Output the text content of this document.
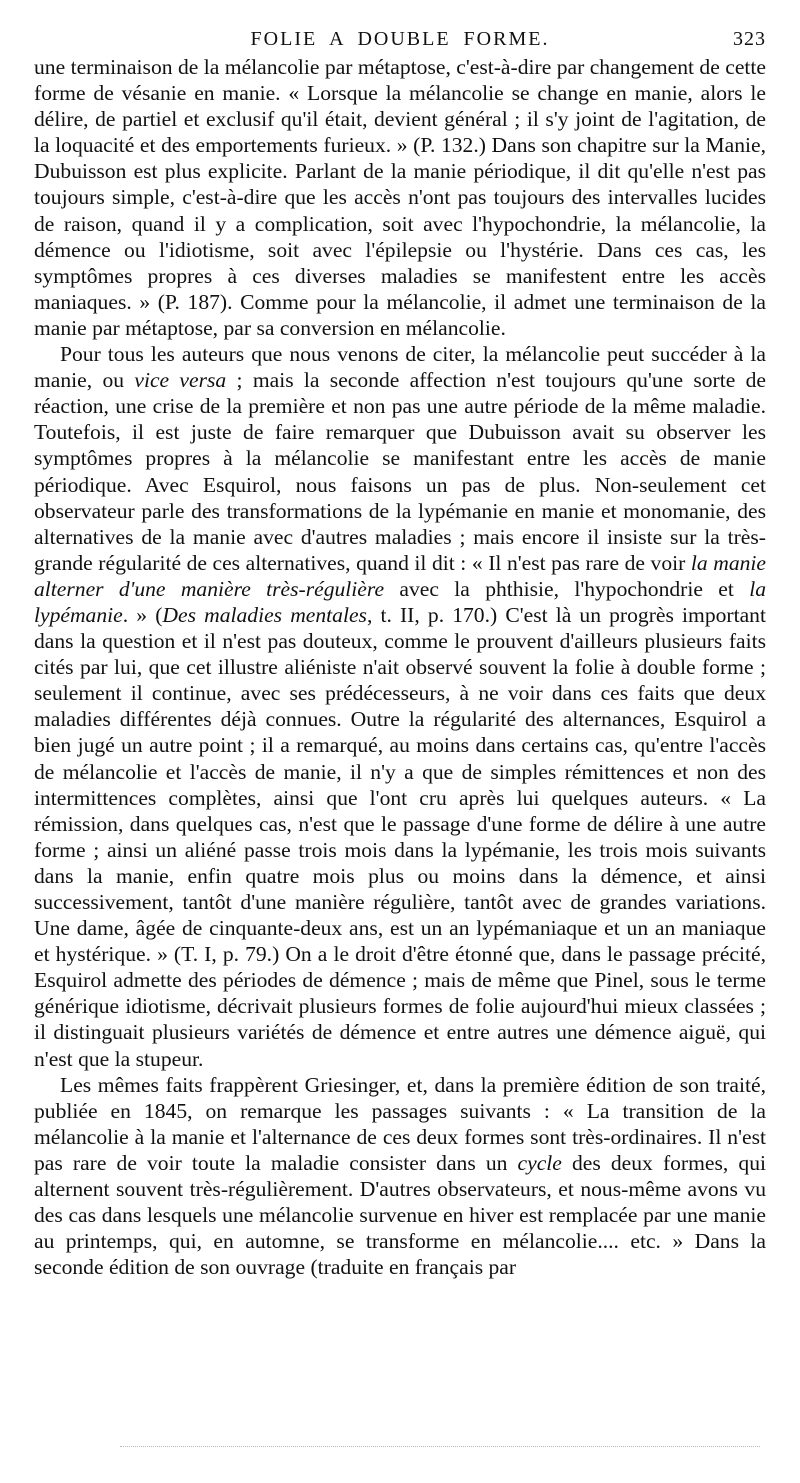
FOLIE A DOUBLE FORME.	323

une terminaison de la mélancolie par métaptose, c'est-à-dire par changement de cette forme de vésanie en manie. « Lorsque la mélancolie se change en manie, alors le délire, de partiel et exclusif qu'il était, devient général ; il s'y joint de l'agitation, de la loquacité et des emportements furieux. » (P. 132.) Dans son chapitre sur la Manie, Dubuisson est plus explicite. Parlant de la manie périodique, il dit qu'elle n'est pas toujours simple, c'est-à-dire que les accès n'ont pas toujours des intervalles lucides de raison, quand il y a complication, soit avec l'hypochondrie, la mélancolie, la démence ou l'idiotisme, soit avec l'épilepsie ou l'hystérie. Dans ces cas, les symptômes propres à ces diverses maladies se manifestent entre les accès maniaques. » (P. 187). Comme pour la mélancolie, il admet une terminaison de la manie par métaptose, par sa conversion en mélancolie.

Pour tous les auteurs que nous venons de citer, la mélancolie peut succéder à la manie, ou vice versa ; mais la seconde affection n'est toujours qu'une sorte de réaction, une crise de la première et non pas une autre période de la même maladie. Toutefois, il est juste de faire remarquer que Dubuisson avait su observer les symptômes propres à la mélancolie se manifestant entre les accès de manie périodique. Avec Esquirol, nous faisons un pas de plus. Non-seulement cet observateur parle des transformations de la lypémanie en manie et monomanie, des alternatives de la manie avec d'autres maladies ; mais encore il insiste sur la très-grande régularité de ces alternatives, quand il dit : « Il n'est pas rare de voir la manie alterner d'une manière très-régulière avec la phthisie, l'hypochondrie et la lypémanie. » (Des maladies mentales, t. II, p. 170.) C'est là un progrès important dans la question et il n'est pas douteux, comme le prouvent d'ailleurs plusieurs faits cités par lui, que cet illustre aliéniste n'ait observé souvent la folie à double forme ; seulement il continue, avec ses prédécesseurs, à ne voir dans ces faits que deux maladies différentes déjà connues. Outre la régularité des alternances, Esquirol a bien jugé un autre point ; il a remarqué, au moins dans certains cas, qu'entre l'accès de mélancolie et l'accès de manie, il n'y a que de simples rémittences et non des intermittences complètes, ainsi que l'ont cru après lui quelques auteurs. « La rémission, dans quelques cas, n'est que le passage d'une forme de délire à une autre forme ; ainsi un aliéné passe trois mois dans la lypémanie, les trois mois suivants dans la manie, enfin quatre mois plus ou moins dans la démence, et ainsi successivement, tantôt d'une manière régulière, tantôt avec de grandes variations. Une dame, âgée de cinquante-deux ans, est un an lypémaniaque et un an maniaque et hystérique. » (T. I, p. 79.) On a le droit d'être étonné que, dans le passage précité, Esquirol admette des périodes de démence ; mais de même que Pinel, sous le terme générique idiotisme, décrivait plusieurs formes de folie aujourd'hui mieux classées ; il distinguait plusieurs variétés de démence et entre autres une démence aiguë, qui n'est que la stupeur.

Les mêmes faits frappèrent Griesinger, et, dans la première édition de son traité, publiée en 1845, on remarque les passages suivants : « La transition de la mélancolie à la manie et l'alternance de ces deux formes sont très-ordinaires. Il n'est pas rare de voir toute la maladie consister dans un cycle des deux formes, qui alternent souvent très-régulièrement. D'autres observateurs, et nous-même avons vu des cas dans lesquels une mélancolie survenue en hiver est remplacée par une manie au printemps, qui, en automne, se transforme en mélancolie.... etc. » Dans la seconde édition de son ouvrage (traduite en français par
